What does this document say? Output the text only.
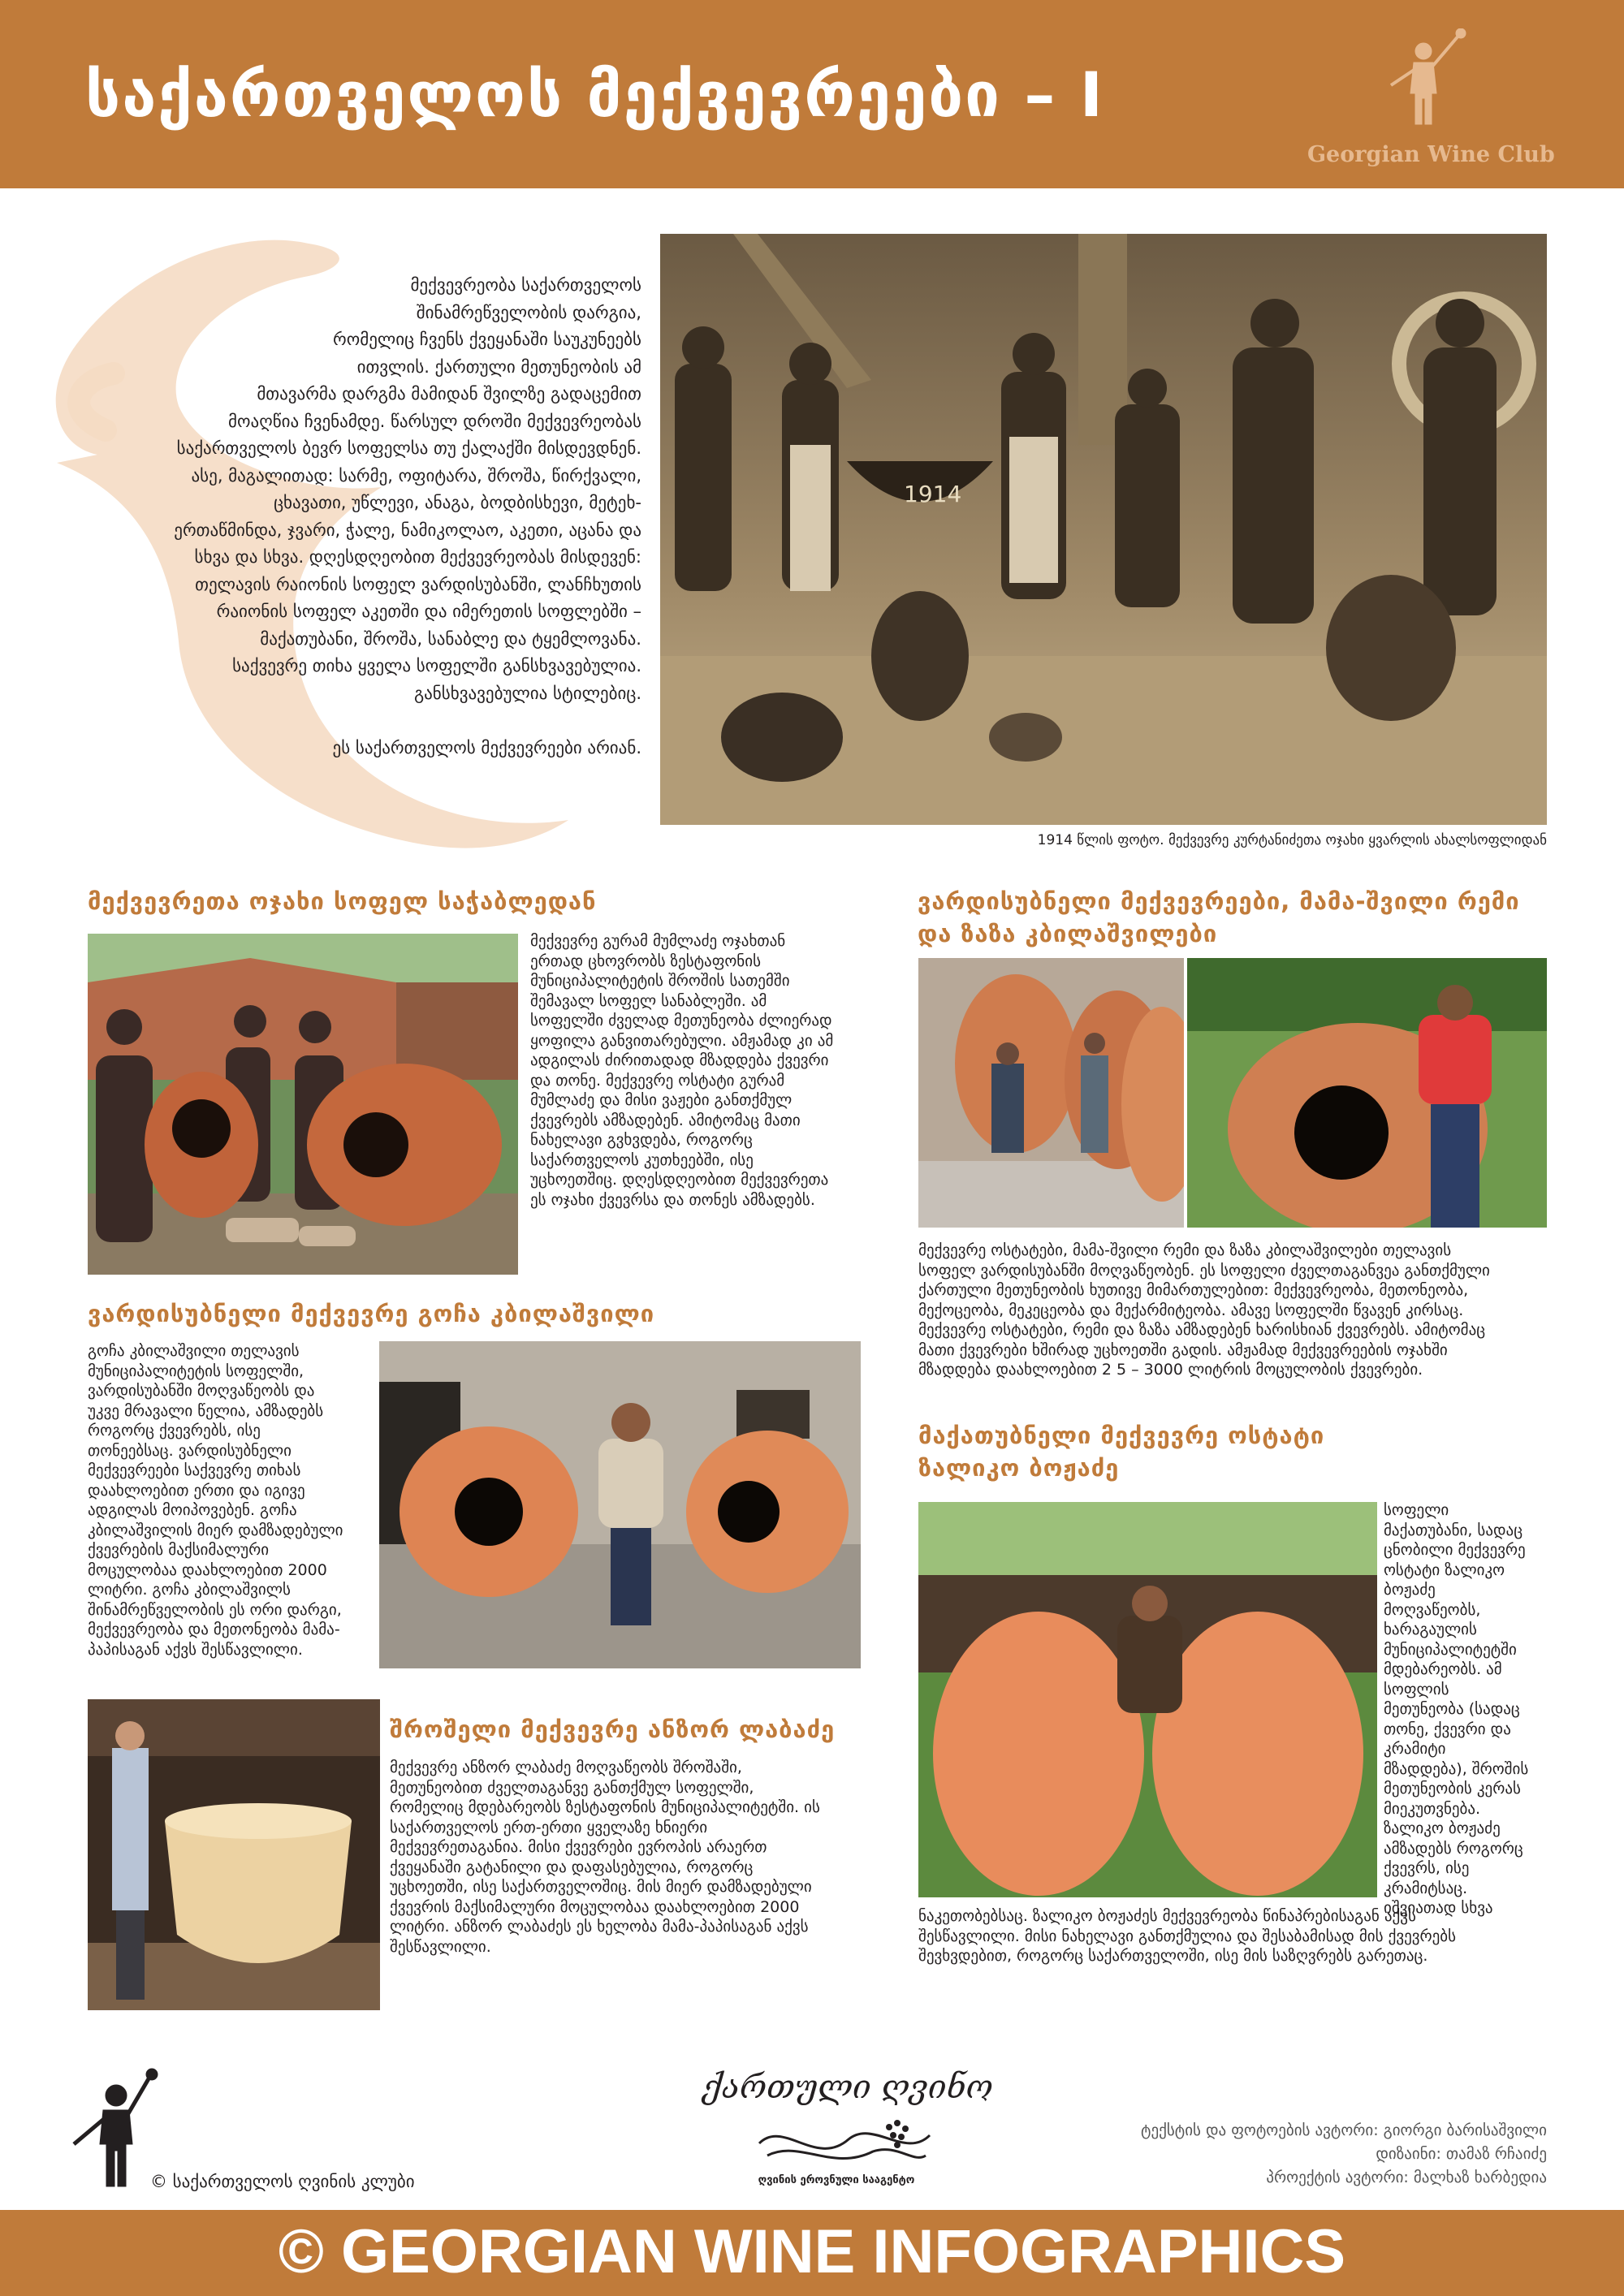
საქართველოს მექვევრეები – I
Georgian Wine Club
მექვევრეობა საქართველოს
შინამრეწველობის დარგია,
რომელიც ჩვენს ქვეყანაში საუკუნეებს
ითვლის. ქართული მეთუნეობის ამ
მთავარმა დარგმა მამიდან შვილზე გადაცემით
მოაღწია ჩვენამდე. წარსულ დროში მექვევრეობას
საქართველოს ბევრ სოფელსა თუ ქალაქში მისდევდნენ.
ასე, მაგალითად: სარმე, ოფიტარა, შროშა, წირქვალი,
ცხავათი, უწლევი, ანაგა, ბოდბისხევი, მეტეხ-
ერთაწმინდა, ჯვარი, ჭალე, ნამიკოლაო, აკეთი, აცანა და
სხვა და სხვა. დღესდღეობით მექვევრეობას მისდევენ:
თელავის რაიონის სოფელ ვარდისუბანში, ლანჩხუთის
რაიონის სოფელ აკეთში და იმერეთის სოფლებში –
მაქათუბანი, შროშა, სანაბლე და ტყემლოვანა.
საქვევრე თიხა ყველა სოფელში განსხვავებულია.
განსხვავებულია სტილებიც.

ეს საქართველოს მექვევრეები არიან.
1914
1914 წლის ფოტო. მექვევრე კურტანიძეთა ოჯახი ყვარლის ახალსოფლიდან
მექვევრეთა ოჯახი სოფელ საჭაბლედან
მექვევრე გურამ მუმლაძე ოჯახთან
ერთად ცხოვრობს ზესტაფონის
მუნიციპალიტეტის შროშის სათემში
შემავალ სოფელ სანაბლეში. ამ
სოფელში ძველად მეთუნეობა ძლიერად
ყოფილა განვითარებული. ამჟამად კი ამ
ადგილას ძირითადად მზადდება ქვევრი
და თონე. მექვევრე ოსტატი გურამ
მუმლაძე და მისი ვაჟები განთქმულ
ქვევრებს ამზადებენ. ამიტომაც მათი
ნახელავი გვხვდება, როგორც
საქართველოს კუთხეებში, ისე
უცხოეთშიც. დღესდღეობით მექვევრეთა
ეს ოჯახი ქვევრსა და თონეს ამზადებს.
ვარდისუბნელი მექვევრეები, მამა-შვილი რემი
და ზაზა კბილაშვილები
მექვევრე ოსტატები, მამა-შვილი რემი და ზაზა კბილაშვილები თელავის
სოფელ ვარდისუბანში მოღვაწეობენ. ეს სოფელი ძველთაგანვეა განთქმული
ქართული მეთუნეობის ხუთივე მიმართულებით: მექვევრეობა, მეთონეობა,
მექოცეობა, მეკეცეობა და მექარმიტეობა. ამავე სოფელში წვავენ კირსაც.
მექვევრე ოსტატები, რემი და ზაზა ამზადებენ ხარისხიან ქვევრებს. ამიტომაც
მათი ქვევრები ხშირად უცხოეთში გადის. ამჟამად მექვევრეების ოჯახში
მზადდება დაახლოებით 2 5 – 3000 ლიტრის მოცულობის ქვევრები.
ვარდისუბნელი მექვევრე გოჩა კბილაშვილი
გოჩა კბილაშვილი თელავის
მუნიციპალიტეტის სოფელში,
ვარდისუბანში მოღვაწეობს და
უკვე მრავალი წელია, ამზადებს
როგორც ქვევრებს, ისე
თონეებსაც. ვარდისუბნელი
მექვევრეები საქვევრე თიხას
დაახლოებით ერთი და იგივე
ადგილას მოიპოვებენ. გოჩა
კბილაშვილის მიერ დამზადებული
ქვევრების მაქსიმალური
მოცულობაა დაახლოებით 2000
ლიტრი. გოჩა კბილაშვილს
შინამრეწველობის ეს ორი დარგი,
მექვევრეობა და მეთონეობა მამა-
პაპისაგან აქვს შესწავლილი.
მაქათუბნელი მექვევრე ოსტატი
ზალიკო ბოჟაძე
სოფელი
მაქათუბანი, სადაც
ცნობილი მექვევრე
ოსტატი ზალიკო
ბოჟაძე
მოღვაწეობს,
ხარაგაულის
მუნიციპალიტეტში
მდებარეობს. ამ
სოფლის
მეთუნეობა (სადაც
თონე, ქვევრი და
კრამიტი
მზადდება), შროშის
მეთუნეობის კერას
მიეკუთვნება.
ზალიკო ბოჟაძე
ამზადებს როგორც
ქვევრს, ისე
კრამიტსაც.
იშვიათად სხვა
ნაკეთობებსაც. ზალიკო ბოჟაძეს მექვევრეობა წინაპრებისაგან აქვს
შესწავლილი. მისი ნახელავი განთქმულია და შესაბამისად მის ქვევრებს
შევხვდებით, როგორც საქართველოში, ისე მის საზღვრებს გარეთაც.
შროშელი მექვევრე ანზორ ლაბაძე
მექვევრე ანზორ ლაბაძე მოღვაწეობს შროშაში,
მეთუნეობით ძველთაგანვე განთქმულ სოფელში,
რომელიც მდებარეობს ზესტაფონის მუნიციპალიტეტში. ის
საქართველოს ერთ-ერთი ყველაზე ხნიერი
მექვევრეთაგანია. მისი ქვევრები ევროპის არაერთ
ქვეყანაში გატანილი და დაფასებულია, როგორც
უცხოეთში, ისე საქართველოშიც. მის მიერ დამზადებული
ქვევრის მაქსიმალური მოცულობაა დაახლოებით 2000
ლიტრი. ანზორ ლაბაძეს ეს ხელობა მამა-პაპისაგან აქვს
შესწავლილი.
© საქართველოს ღვინის კლუბი
ქართული ღვინო
ღვინის ეროვნული სააგენტო
ტექსტის და ფოტოების ავტორი: გიორგი ბარისაშვილი
დიზაინი: თამაზ რჩაიძე
პროექტის ავტორი: მალხაზ ხარბედია
© GEORGIAN WINE INFOGRAPHICS
